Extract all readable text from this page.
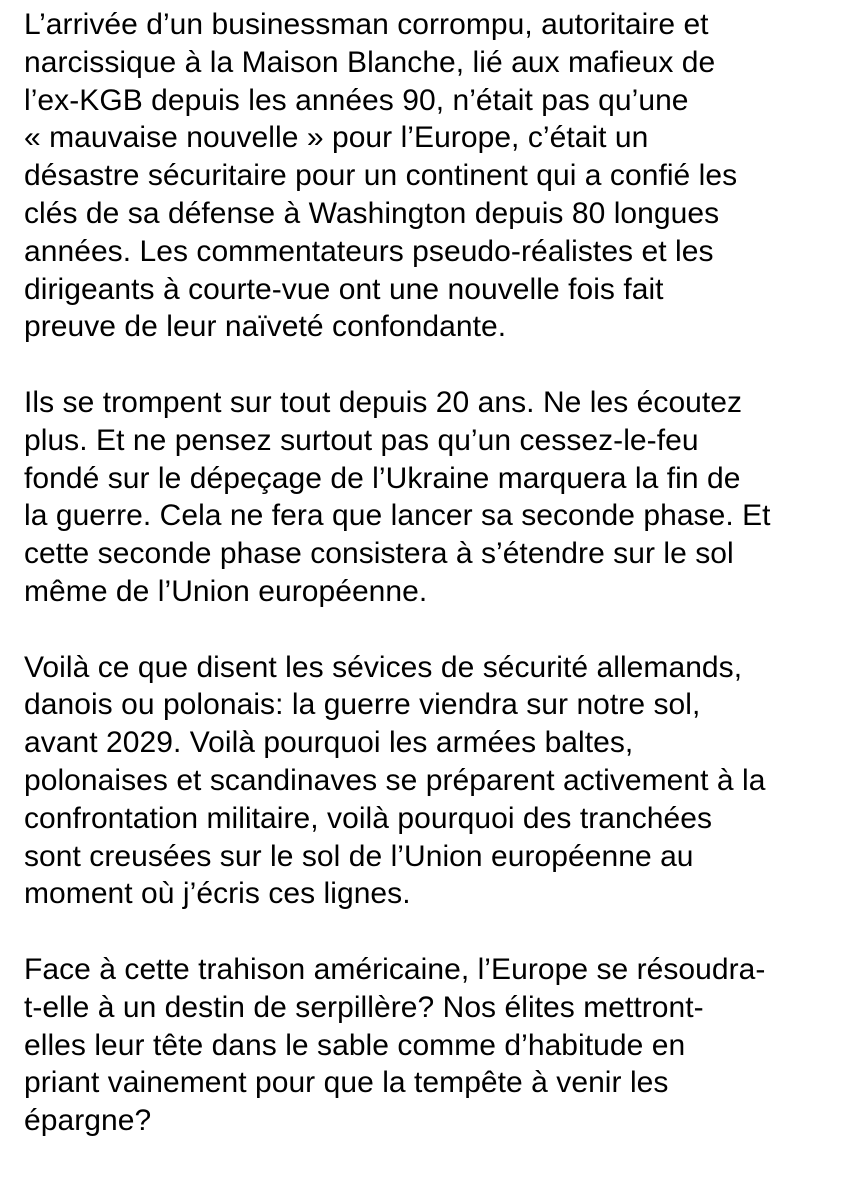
L’arrivée d’un businessman corrompu, autoritaire et
narcissique à la Maison Blanche, lié aux mafieux de
l’ex-KGB depuis les années 90, n’était pas qu’une
« mauvaise nouvelle » pour l’Europe, c’était un
désastre sécuritaire pour un continent qui a confié les
clés de sa défense à Washington depuis 80 longues
années. Les commentateurs pseudo-réalistes et les
dirigeants à courte-vue ont une nouvelle fois fait
preuve de leur naïveté confondante.

Ils se trompent sur tout depuis 20 ans. Ne les écoutez
plus. Et ne pensez surtout pas qu’un cessez-le-feu
fondé sur le dépeçage de l’Ukraine marquera la fin de
la guerre. Cela ne fera que lancer sa seconde phase. Et
cette seconde phase consistera à s’étendre sur le sol
même de l’Union européenne.

Voilà ce que disent les sévices de sécurité allemands,
danois ou polonais: la guerre viendra sur notre sol,
avant 2029. Voilà pourquoi les armées baltes,
polonaises et scandinaves se préparent activement à la
confrontation militaire, voilà pourquoi des tranchées
sont creusées sur le sol de l’Union européenne au
moment où j’écris ces lignes.

Face à cette trahison américaine, l’Europe se résoudra-
t-elle à un destin de serpillère? Nos élites mettront-
elles leur tête dans le sable comme d’habitude en
priant vainement pour que la tempête à venir les
épargne?
